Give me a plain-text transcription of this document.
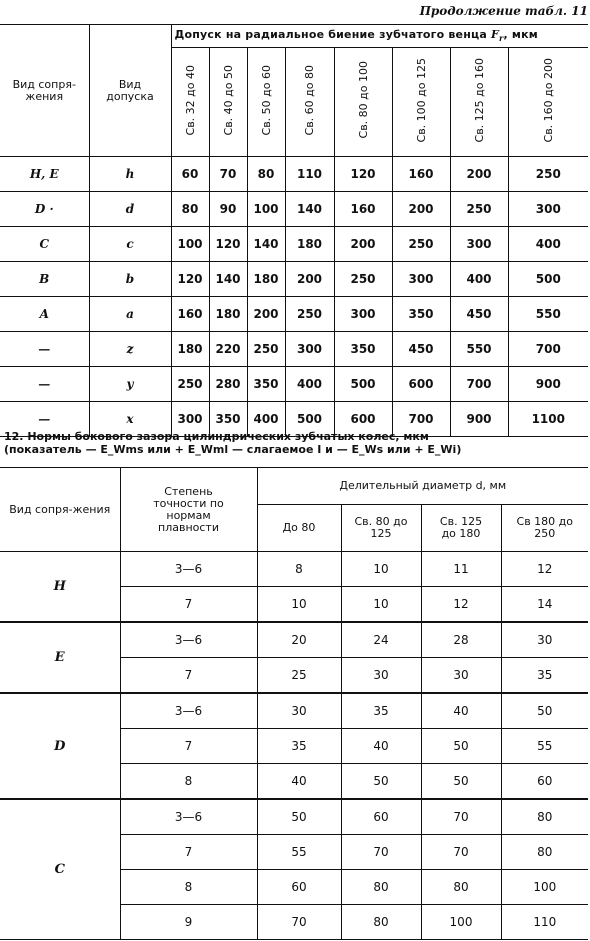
Продолжение табл. 11
Вид сопря-жения	Вид допуска	Допуск на радиальное биение зубчатого венца $F_r$, мкм							
		Св. 32 до 40	Св. 40 до 50	Св. 50 до 60	Св. 60 до 80	Св. 80 до 100	Св. 100 до 125	Св. 125 до 160	Св. 160 до 200
H, E	h	60	70	80	110	120	160	200	250
D ·	d	80	90	100	140	160	200	250	300
C	c	100	120	140	180	200	250	300	400
B	b	120	140	180	200	250	300	400	500
A	a	160	180	200	250	300	350	450	550
—	z	180	220	250	300	350	450	550	700
—	y	250	280	350	400	500	600	700	900
—	x	300	350	400	500	600	700	900	1100
12. Нормы бокового зазора цилиндрических зубчатых колес, мкм
(показатель — E_Wms или + E_Wml — слагаемое I и — E_Ws или + E_Wi)
Вид сопря-жения	Степень точности по нормам плавности	Делительный диаметр d, мм			
		До 80	Св. 80 до 125	Св. 125 до 180	Св 180 до 250
H	3—6	8	10	11	12
	7	10	10	12	14
E	3—6	20	24	28	30
	7	25	30	30	35
D	3—6	30	35	40	50
	7	35	40	50	55
	8	40	50	50	60
C	3—6	50	60	70	80
	7	55	70	70	80
	8	60	80	80	100
	9	70	80	100	110
